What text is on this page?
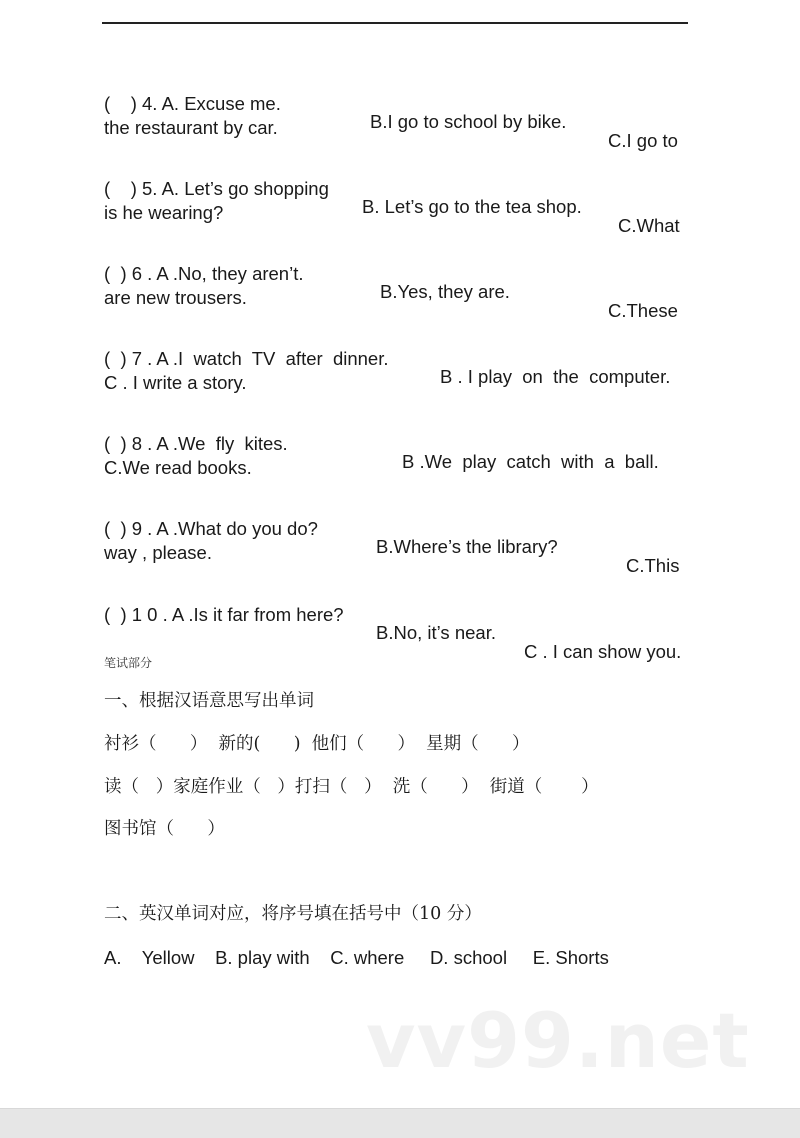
(    ) 4. A. Excuse me.

B.I go to school by bike.

C.I go to

the restaurant by car.

(    ) 5. A. Let’s go shopping

B. Let’s go to the tea shop.

C.What

is he wearing?

(  ) 6 . A .No, they aren’t.

B.Yes, they are.

C.These

are new trousers.

(  ) 7 . A .I  watch  TV  after  dinner.

B . I play  on  the  computer.

C . I write a story.

(  ) 8 . A .We  fly  kites.

B .We  play  catch  with  a  ball.

C.We read books.

(  ) 9 . A .What do you do?

B.Where’s the library?

C.This

way , please.

(  ) 1 0 . A .Is it far from here?

B.No, it’s near.

C . I can show you.

笔试部分
一、根据汉语意思写出单词
衬衫（      ）  新的(      )  他们（      ）  星期（      ）
读（   ）家庭作业（   ）打扫（   ）  洗（      ）  街道（       ）
图书馆（      ）
二、英汉单词对应，将序号填在括号中（10 分）
A.    Yellow    B. play with    C. where     D. school     E. Shorts
vv99.net
